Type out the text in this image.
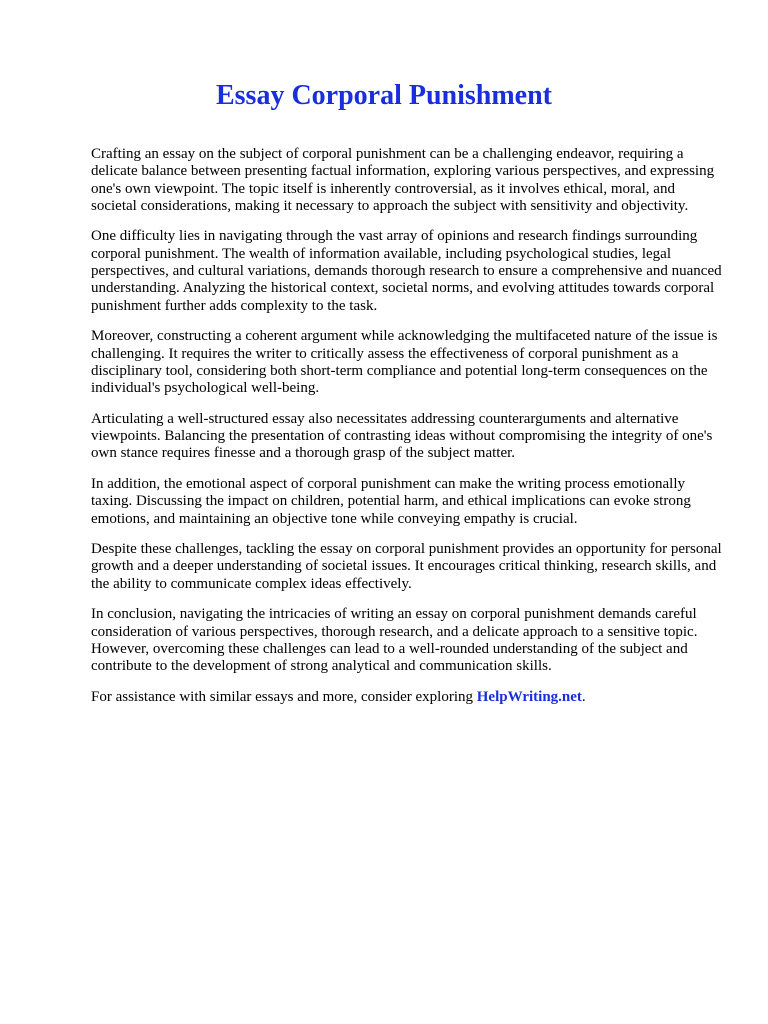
Essay Corporal Punishment

Crafting an essay on the subject of corporal punishment can be a challenging endeavor, requiring a delicate balance between presenting factual information, exploring various perspectives, and expressing one's own viewpoint. The topic itself is inherently controversial, as it involves ethical, moral, and societal considerations, making it necessary to approach the subject with sensitivity and objectivity.

One difficulty lies in navigating through the vast array of opinions and research findings surrounding corporal punishment. The wealth of information available, including psychological studies, legal perspectives, and cultural variations, demands thorough research to ensure a comprehensive and nuanced understanding. Analyzing the historical context, societal norms, and evolving attitudes towards corporal punishment further adds complexity to the task.

Moreover, constructing a coherent argument while acknowledging the multifaceted nature of the issue is challenging. It requires the writer to critically assess the effectiveness of corporal punishment as a disciplinary tool, considering both short-term compliance and potential long-term consequences on the individual's psychological well-being.

Articulating a well-structured essay also necessitates addressing counterarguments and alternative viewpoints. Balancing the presentation of contrasting ideas without compromising the integrity of one's own stance requires finesse and a thorough grasp of the subject matter.

In addition, the emotional aspect of corporal punishment can make the writing process emotionally taxing. Discussing the impact on children, potential harm, and ethical implications can evoke strong emotions, and maintaining an objective tone while conveying empathy is crucial.

Despite these challenges, tackling the essay on corporal punishment provides an opportunity for personal growth and a deeper understanding of societal issues. It encourages critical thinking, research skills, and the ability to communicate complex ideas effectively.

In conclusion, navigating the intricacies of writing an essay on corporal punishment demands careful consideration of various perspectives, thorough research, and a delicate approach to a sensitive topic. However, overcoming these challenges can lead to a well-rounded understanding of the subject and contribute to the development of strong analytical and communication skills.

For assistance with similar essays and more, consider exploring HelpWriting.net.
